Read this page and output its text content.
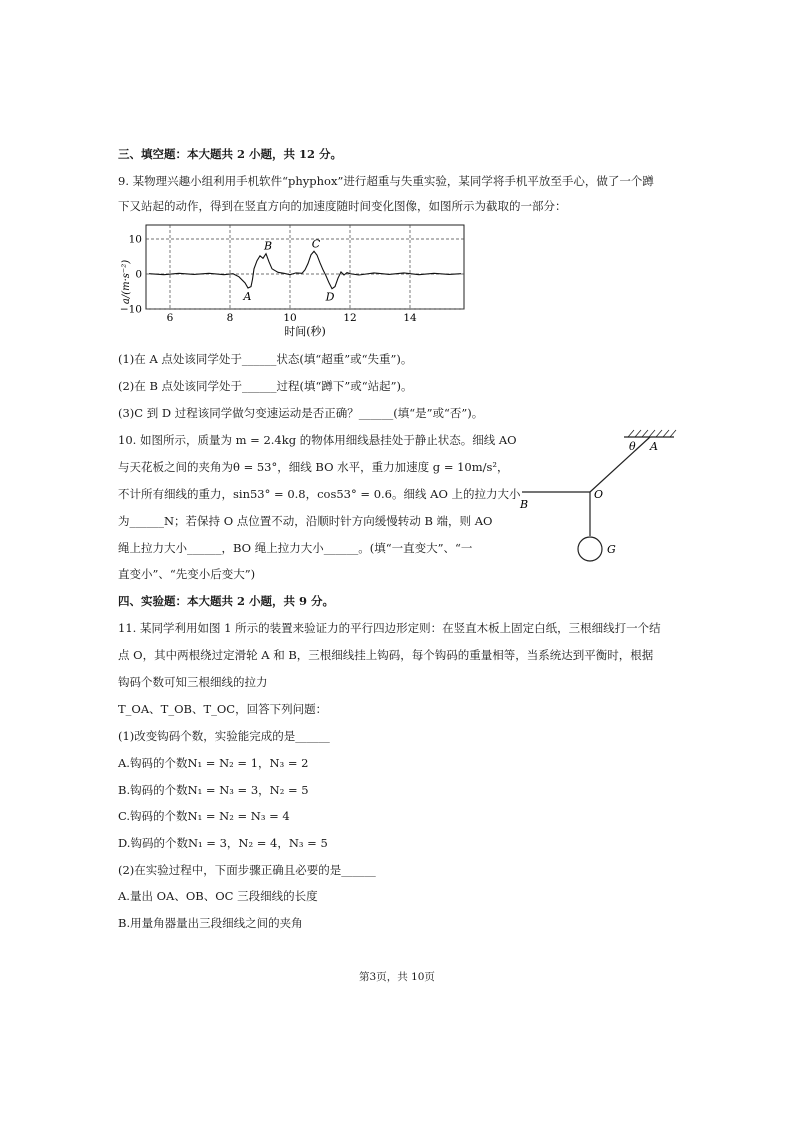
三、填空题：本大题共 2 小题，共 12 分。
9. 某物理兴趣小组利用手机软件“phyphox”进行超重与失重实验，某同学将手机平放至手心，做了一个蹲
下又站起的动作，得到在竖直方向的加速度随时间变化图像，如图所示为截取的一部分：
10
0
−10
6	8	10	12	14
A
B	C
D
a/(m·s⁻²)
时间(秒)
(1)在 A 点处该同学处于______状态(填“超重”或“失重”)。
(2)在 B 点处该同学处于______过程(填“蹲下”或“站起”)。
(3)C 到 D 过程该同学做匀变速运动是否正确？______(填“是”或“否”)。
10. 如图所示，质量为 m = 2.4kg 的物体用细线悬挂处于静止状态。细线 AO
与天花板之间的夹角为θ = 53°，细线 BO 水平，重力加速度 g = 10m/s²，
不计所有细线的重力，sin53° = 0.8，cos53° = 0.6。细线 AO 上的拉力大小
为______N；若保持 O 点位置不动，沿顺时针方向缓慢转动 B 端，则 AO
绳上拉力大小______，BO 绳上拉力大小______。(填“一直变大”、“一
直变小”、“先变小后变大”)
θ A
B
O
G
四、实验题：本大题共 2 小题，共 9 分。
11. 某同学利用如图 1 所示的装置来验证力的平行四边形定则：在竖直木板上固定白纸，三根细线打一个结
点 O，其中两根绕过定滑轮 A 和 B，三根细线挂上钩码，每个钩码的重量相等，当系统达到平衡时，根据
钩码个数可知三根细线的拉力
T_OA、T_OB、T_OC，回答下列问题：
(1)改变钩码个数，实验能完成的是______
A.钩码的个数N₁ = N₂ = 1，N₃ = 2
B.钩码的个数N₁ = N₃ = 3，N₂ = 5
C.钩码的个数N₁ = N₂ = N₃ = 4
D.钩码的个数N₁ = 3，N₂ = 4，N₃ = 5
(2)在实验过程中，下面步骤正确且必要的是______
A.量出 OA、OB、OC 三段细线的长度
B.用量角器量出三段细线之间的夹角
第3页，共 10页
